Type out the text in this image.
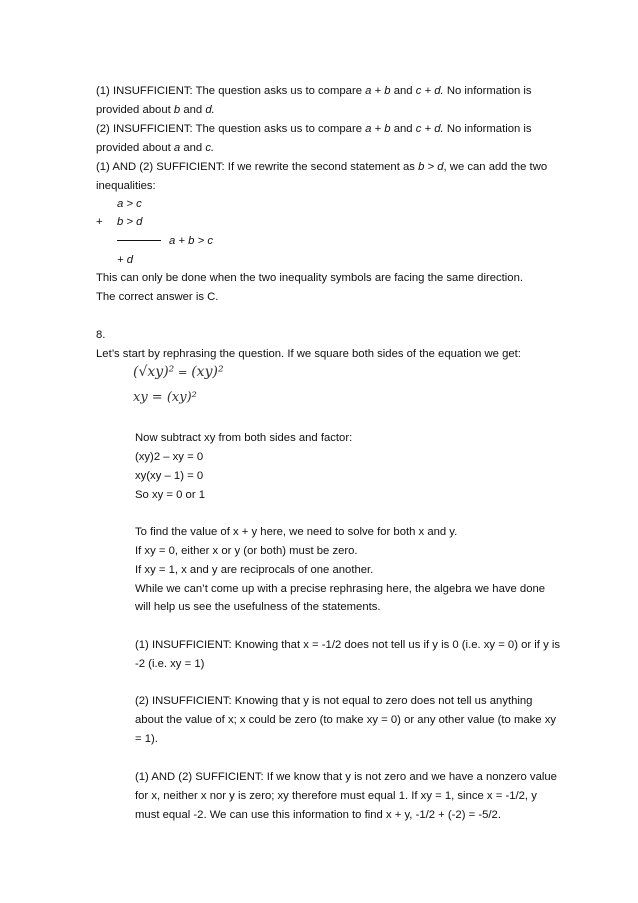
(1) INSUFFICIENT: The question asks us to compare a + b and c + d. No information is
provided about b and d.
(2) INSUFFICIENT: The question asks us to compare a + b and c + d. No information is
provided about a and c.
(1) AND (2) SUFFICIENT: If we rewrite the second statement as b > d, we can add the two
inequalities:
a > c
+ b > d
a + b > c
+ d
This can only be done when the two inequality symbols are facing the same direction.
The correct answer is C.
8.
Let’s start by rephrasing the question. If we square both sides of the equation we get:
(√xy)² = (xy)²
xy = (xy)²
Now subtract xy from both sides and factor:
(xy)2 – xy = 0
xy(xy – 1) = 0
So xy = 0 or 1
To find the value of x + y here, we need to solve for both x and y.
If xy = 0, either x or y (or both) must be zero.
If xy = 1, x and y are reciprocals of one another.
While we can’t come up with a precise rephrasing here, the algebra we have done
will help us see the usefulness of the statements.
(1) INSUFFICIENT: Knowing that x = -1/2 does not tell us if y is 0 (i.e. xy = 0) or if y is
-2 (i.e. xy = 1)
(2) INSUFFICIENT: Knowing that y is not equal to zero does not tell us anything
about the value of x; x could be zero (to make xy = 0) or any other value (to make xy
= 1).
(1) AND (2) SUFFICIENT: If we know that y is not zero and we have a nonzero value
for x, neither x nor y is zero; xy therefore must equal 1. If xy = 1, since x = -1/2, y
must equal -2. We can use this information to find x + y, -1/2 + (-2) = -5/2.
